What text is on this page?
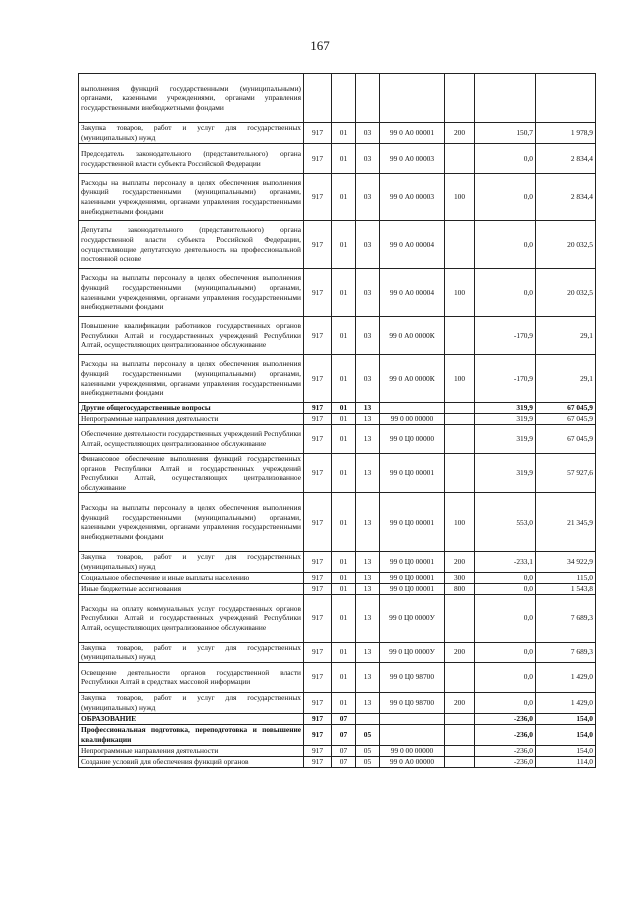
167
выполнения функций государственными (муниципальными) органами, казенными учреждениями, органами управления государственными внебюджетными фондами							
Закупка товаров, работ и услуг для государственных (муниципальных) нужд	917	01	03	99 0 А0 00001	200	150,7	1 978,9
Председатель законодательного (представительного) органа государственной власти субъекта Российской Федерации	917	01	03	99 0 А0 00003		0,0	2 834,4
Расходы на выплаты персоналу в целях обеспечения выполнения функций государственными (муниципальными) органами, казенными учреждениями, органами управления государственными внебюджетными фондами	917	01	03	99 0 А0 00003	100	0,0	2 834,4
Депутаты законодательного (представительного) органа государственной власти субъекта Российской Федерации, осуществляющие депутатскую деятельность на профессиональной постоянной основе	917	01	03	99 0 А0 00004		0,0	20 032,5
Расходы на выплаты персоналу в целях обеспечения выполнения функций государственными (муниципальными) органами, казенными учреждениями, органами управления государственными внебюджетными фондами	917	01	03	99 0 А0 00004	100	0,0	20 032,5
Повышение квалификации работников государственных органов Республики Алтай и государственных учреждений Республики Алтай, осуществляющих централизованное обслуживание	917	01	03	99 0 А0 0000К		-170,9	29,1
Расходы на выплаты персоналу в целях обеспечения выполнения функций государственными (муниципальными) органами, казенными учреждениями, органами управления государственными внебюджетными фондами	917	01	03	99 0 А0 0000К	100	-170,9	29,1
Другие общегосударственные вопросы	917	01	13			319,9	67 045,9
Непрограммные направления деятельности	917	01	13	99 0 00 00000		319,9	67 045,9
Обеспечение деятельности государственных учреждений Республики Алтай, осуществляющих централизованное обслуживание	917	01	13	99 0 Ц0 00000		319,9	67 045,9
Финансовое обеспечение выполнения функций государственных органов Республики Алтай и государственных учреждений Республики Алтай, осуществляющих централизованное обслуживание	917	01	13	99 0 Ц0 00001		319,9	57 927,6
Расходы на выплаты персоналу в целях обеспечения выполнения функций государственными (муниципальными) органами, казенными учреждениями, органами управления государственными внебюджетными фондами	917	01	13	99 0 Ц0 00001	100	553,0	21 345,9
Закупка товаров, работ и услуг для государственных (муниципальных) нужд	917	01	13	99 0 Ц0 00001	200	-233,1	34 922,9
Социальное обеспечение и иные выплаты населению	917	01	13	99 0 Ц0 00001	300	0,0	115,0
Иные бюджетные ассигнования	917	01	13	99 0 Ц0 00001	800	0,0	1 543,8
Расходы на оплату коммунальных услуг государственных органов Республики Алтай и государственных учреждений Республики Алтай, осуществляющих централизованное обслуживание	917	01	13	99 0 Ц0 0000У		0,0	7 689,3
Закупка товаров, работ и услуг для государственных (муниципальных) нужд	917	01	13	99 0 Ц0 0000У	200	0,0	7 689,3
Освещение деятельности органов государственной власти Республики Алтай в средствах массовой информации	917	01	13	99 0 Ц0 98700		0,0	1 429,0
Закупка товаров, работ и услуг для государственных (муниципальных) нужд	917	01	13	99 0 Ц0 98700	200	0,0	1 429,0
ОБРАЗОВАНИЕ	917	07				-236,0	154,0
Профессиональная подготовка, переподготовка и повышение квалификации	917	07	05			-236,0	154,0
Непрограммные направления деятельности	917	07	05	99 0 00 00000		-236,0	154,0
Создание условий для обеспечения функций органов	917	07	05	99 0 А0 00000		-236,0	114,0
